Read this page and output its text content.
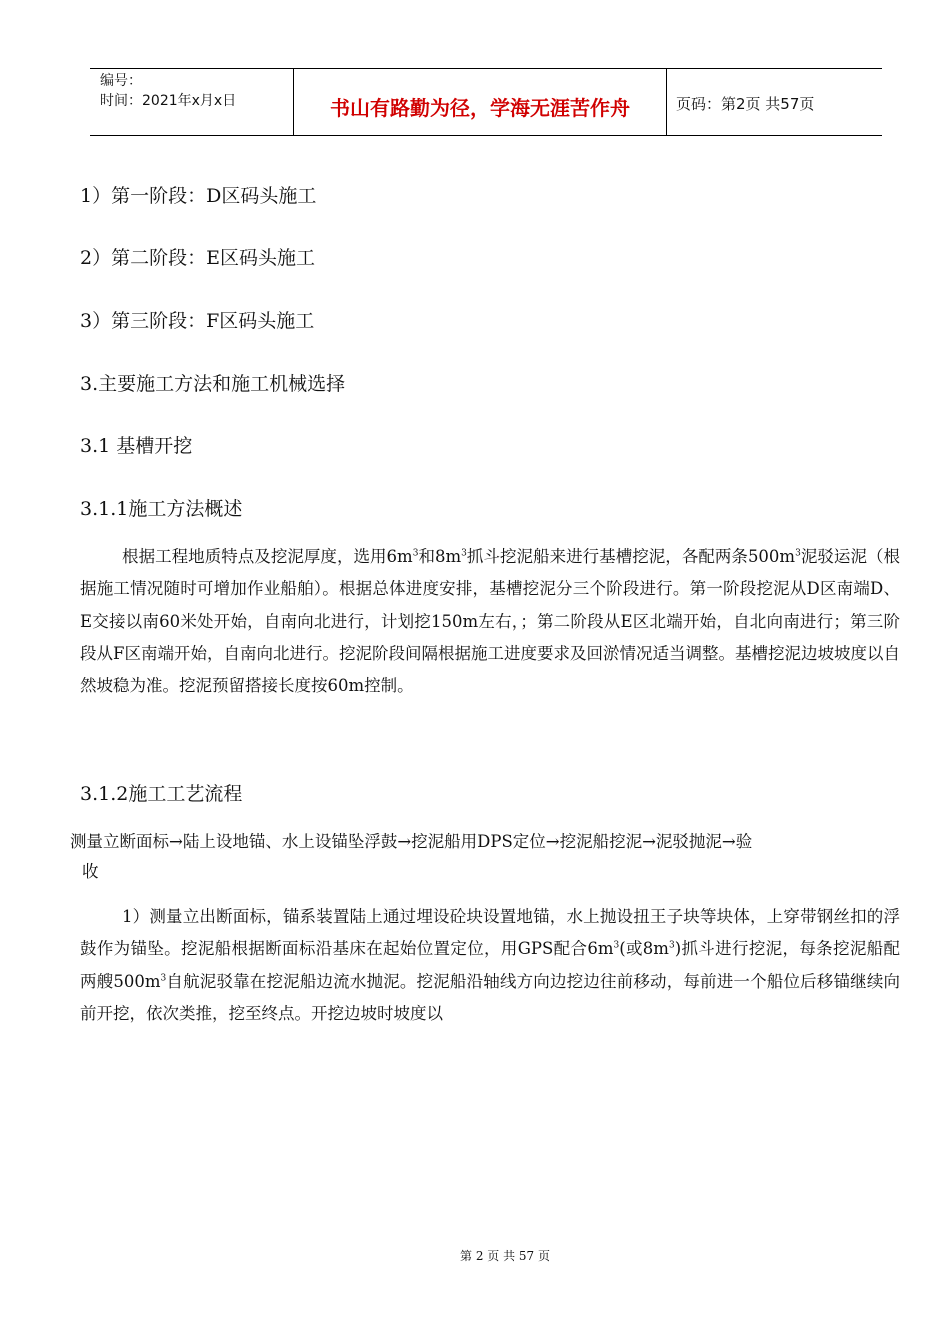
编号：
时间：2021年x月x日	书山有路勤为径，学海无涯苦作舟	页码：第2页 共57页
1）第一阶段：D区码头施工
2）第二阶段：E区码头施工
3）第三阶段：F区码头施工
3.主要施工方法和施工机械选择
3.1 基槽开挖
3.1.1施工方法概述
根据工程地质特点及挖泥厚度，选用$6m^3$和$8m^3$抓斗挖泥船来进行基槽挖泥，各配两条$500m^3$泥驳运泥（根据施工情况随时可增加作业船舶）。根据总体进度安排，基槽挖泥分三个阶段进行。第一阶段挖泥从D区南端D、E交接以南60米处开始，自南向北进行，计划挖150m左右，；第二阶段从E区北端开始，自北向南进行；第三阶段从F区南端开始，自南向北进行。挖泥阶段间隔根据施工进度要求及回淤情况适当调整。基槽挖泥边坡坡度以自然坡稳为准。挖泥预留搭接长度按60m控制。
3.1.2施工工艺流程
测量立断面标→陆上设地锚、水上设锚坠浮鼓→挖泥船用DPS定位→挖泥船挖泥→泥驳抛泥→验
收
1）测量立出断面标，锚系装置陆上通过埋设砼块设置地锚，水上抛设扭王子块等块体，上穿带钢丝扣的浮鼓作为锚坠。挖泥船根据断面标沿基床在起始位置定位，用GPS配合$6m^3$(或$8m^3$)抓斗进行挖泥，每条挖泥船配两艘$500m^3$自航泥驳靠在挖泥船边流水抛泥。挖泥船沿轴线方向边挖边往前移动，每前进一个船位后移锚继续向前开挖，依次类推，挖至终点。开挖边坡时坡度以
第 2 页 共 57 页
